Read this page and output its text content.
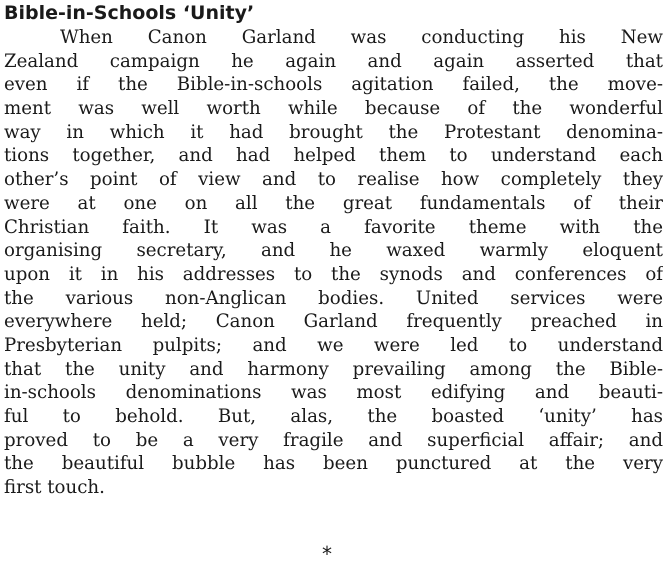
Bible-in-Schools ‘Unity’
When Canon Garland was conducting his New
Zealand campaign he again and again asserted that
even if the Bible-in-schools agitation failed, the move-
ment was well worth while because of the wonderful
way in which it had brought the Protestant denomina-
tions together, and had helped them to understand each
other’s point of view and to realise how completely they
were at one on all the great fundamentals of their
Christian faith. It was a favorite theme with the
organising secretary, and he waxed warmly eloquent
upon it in his addresses to the synods and conferences of
the various non-Anglican bodies. United services were
everywhere held; Canon Garland frequently preached in
Presbyterian pulpits; and we were led to understand
that the unity and harmony prevailing among the Bible-
in-schools denominations was most edifying and beauti-
ful to behold. But, alas, the boasted ‘unity’ has
proved to be a very fragile and superficial affair; and
the beautiful bubble has been punctured at the very
first touch.
*
